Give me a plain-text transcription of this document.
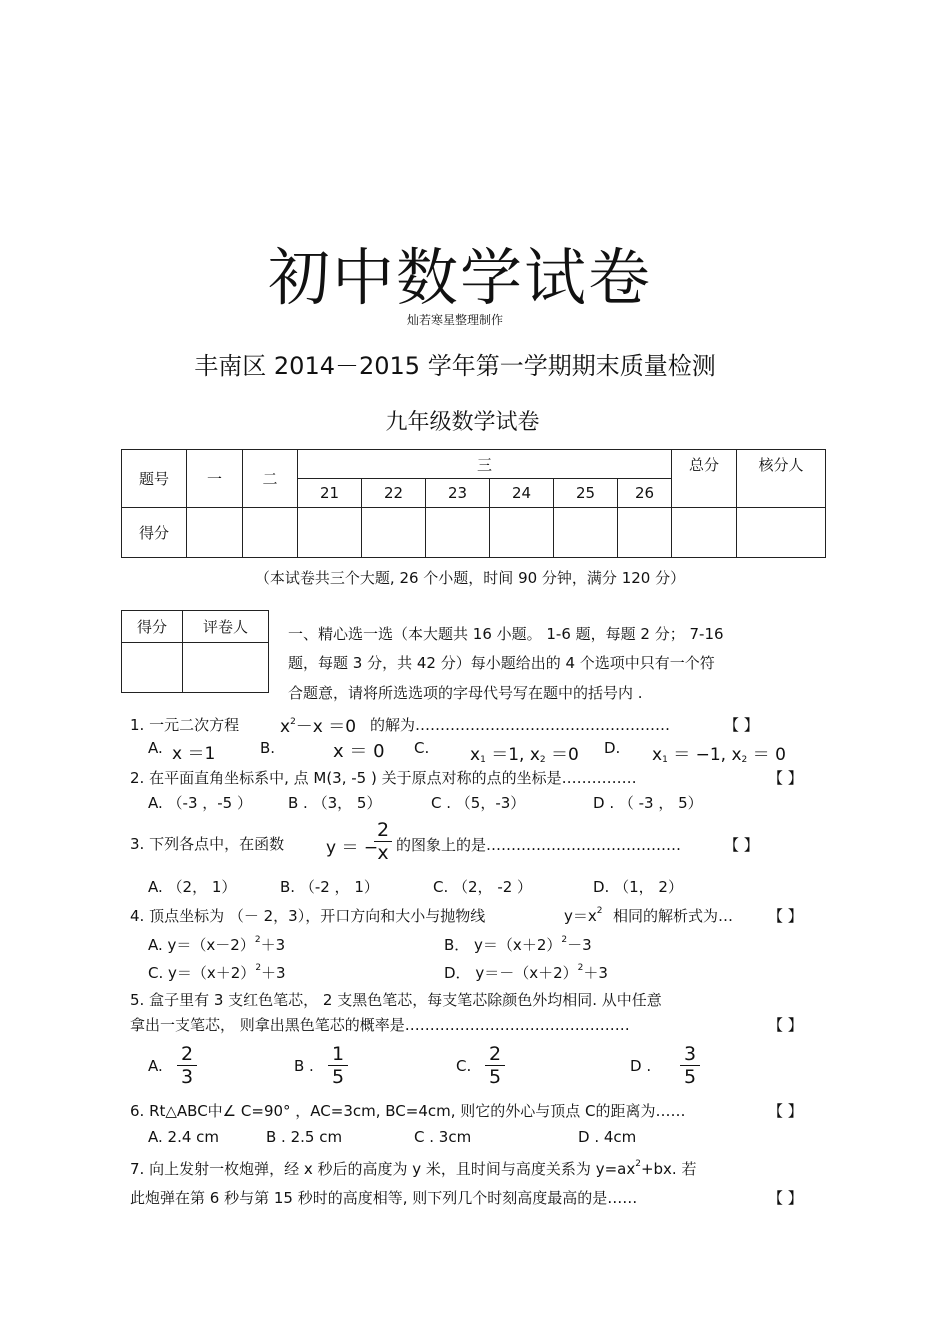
初中数学试卷
灿若寒星整理制作
丰南区 2014－2015 学年第一学期期末质量检测
九年级数学试卷
题号	一	二	三						总分	核分人
			21	22	23	24	25	26		
得分										
（本试卷共三个大题, 26 个小题，时间 90 分钟，满分 120 分）
得分	评卷人
		一、精心选一选（本大题共 16 小题。 1-6 题，每题 2 分； 7-16
题，每题 3 分，共 42 分）每小题给出的 4 个选项中只有一个符
合题意，请将所选选项的字母代号写在题中的括号内 .
1. 一元二次方程 $x^2-x =0$ 的解为……………………………………………	【 】
A. x ＝1	B.	x ＝ 0 C. $x_1 =1$, $x_2 =0$ D. $x_1 = -1$, $x_2 = 0$
2. 在平面直角坐标系中, 点 M(3, -5 ) 关于原点对称的点的坐标是……………	【 】
A. （-3 ，-5 ） B . （3， 5）	C . （5，-3）	D . （ -3 ， 5）
3. 下列各点中，在函数 y ＝ −
$\frac{2}{x}$ 的图象上的是…………………………………	【 】
A. （2， 1）	B. （-2 ， 1）	C. （2， -2 ）	D. （1， 2）
4. 顶点坐标为 （－ 2，3），开口方向和大小与抛物线	$y=x^2$ 相同的解析式为… 【 】
A. $y=(x-2)^2+3$	B． $y=(x+2)^2-3$
C. $y=(x+2)^2+3$	D． $y=-(x+2)^2+3$
5. 盒子里有 3 支红色笔芯， 2 支黑色笔芯，每支笔芯除颜色外均相同. 从中任意
拿出一支笔芯， 则拿出黑色笔芯的概率是………………………………………	【 】
A. $\frac{2}{3}$	B . $\frac{1}{5}$	C. $\frac{2}{5}$	D . $\frac{3}{5}$
6. Rt△ABC中∠ C=90° ，AC=3cm, BC=4cm, 则它的外心与顶点 C的距离为……	【 】
A. 2.4 cm	B . 2.5 cm	C . 3cm	D . 4cm
7. 向上发射一枚炮弹，经 x 秒后的高度为 y 米，且时间与高度关系为 $y=ax^2+bx$. 若
此炮弹在第 6 秒与第 15 秒时的高度相等, 则下列几个时刻高度最高的是……	【 】
